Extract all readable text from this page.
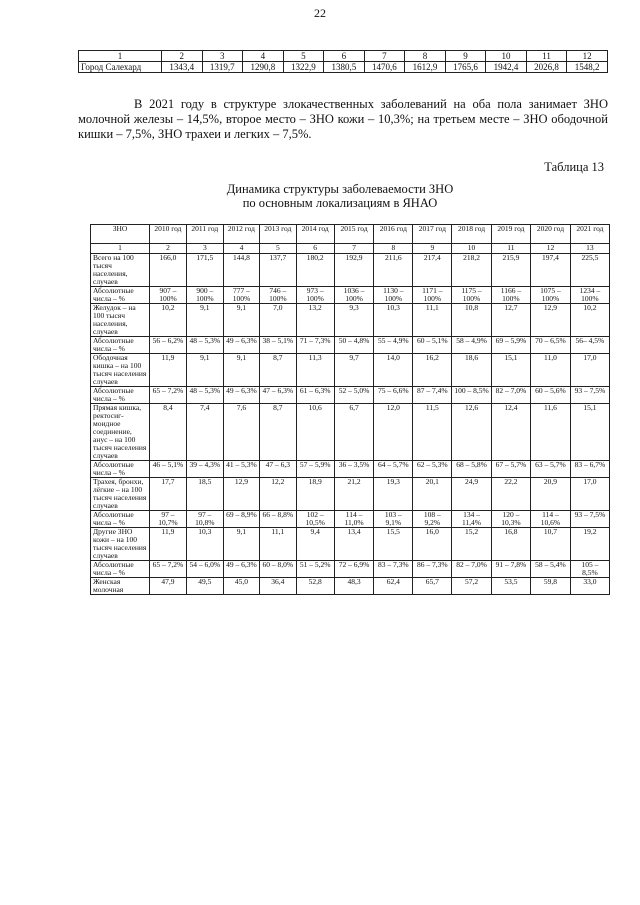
22
1	2	3	4	5	6	7	8	9	10	11	12
Город Салехард	1343,4	1319,7	1290,8	1322,9	1380,5	1470,6	1612,9	1765,6	1942,4	2026,8	1548,2
В 2021 году в структуре злокачественных заболеваний на оба пола занимает ЗНО молочной железы – 14,5%, второе место – ЗНО кожи – 10,3%; на третьем месте – ЗНО ободочной кишки – 7,5%, ЗНО трахеи и легких – 7,5%.
Таблица 13
Динамика структуры заболеваемости ЗНО
по основным локализациям в ЯНАО
ЗНО	2010 год	2011 год	2012 год	2013 год	2014 год	2015 год	2016 год	2017 год	2018 год	2019 год	2020 год	2021 год
1	2	3	4	5	6	7	8	9	10	11	12	13
Всего на 100 тысяч населения, случаев	166,0	171,5	144,8	137,7	180,2	192,9	211,6	217,4	218,2	215,9	197,4	225,5
Абсолютные числа – %	907 – 100%	900 – 100%	777 – 100%	746 – 100%	973 – 100%	1036 – 100%	1130 – 100%	1171 – 100%	1175 – 100%	1166 – 100%	1075 – 100%	1234 – 100%
Желудок – на 100 тысяч населения, случаев	10,2	9,1	9,1	7,0	13,2	9,3	10,3	11,1	10,8	12,7	12,9	10,2
Абсолютные числа – %	56 – 6,2%	48 – 5,3%	49 – 6,3%	38 – 5,1%	71 – 7,3%	50 – 4,8%	55 – 4,9%	60 – 5,1%	58 – 4,9%	69 – 5,9%	70 – 6,5%	56– 4,5%
Ободочная кишка – на 100 тысяч населения случаев	11,9	9,1	9,1	8,7	11,3	9,7	14,0	16,2	18,6	15,1	11,0	17,0
Абсолютные числа – %	65 – 7,2%	48 – 5,3%	49 – 6,3%	47 – 6,3%	61 – 6,3%	52 – 5,0%	75 – 6,6%	87 – 7,4%	100 – 8,5%	82 – 7,0%	60 – 5,6%	93 – 7,5%
Прямая кишка, ректосиг-моидное соединение, анус – на 100 тысяч населения случаев	8,4	7,4	7,6	8,7	10,6	6,7	12,0	11,5	12,6	12,4	11,6	15,1
Абсолютные числа – %	46 – 5,1%	39 – 4,3%	41 – 5,3%	47 – 6,3	57 – 5,9%	36 – 3,5%	64 – 5,7%	62 – 5,3%	68 – 5,8%	67 – 5,7%	63 – 5,7%	83 – 6,7%
Трахея, бронхи, лёгкие – на 100 тысяч населения случаев	17,7	18,5	12,9	12,2	18,9	21,2	19,3	20,1	24,9	22,2	20,9	17,0
Абсолютные числа – %	97 – 10,7%	97 – 10,8%	69 – 8,9%	66 – 8,8%	102 – 10,5%	114 – 11,0%	103 – 9,1%	108 – 9,2%	134 – 11,4%	120 – 10,3%	114 – 10,6%	93 – 7,5%
Другие ЗНО кожи – на 100 тысяч населения случаев	11,9	10,3	9,1	11,1	9,4	13,4	15,5	16,0	15,2	16,8	10,7	19,2
Абсолютные числа – %	65 – 7,2%	54 – 6,0%	49 – 6,3%	60 – 8,0%	51 – 5,2%	72 – 6,9%	83 – 7,3%	86 – 7,3%	82 – 7,0%	91 – 7,8%	58 – 5,4%	105 – 8,5%
Женская молочная	47,9	49,5	45,0	36,4	52,8	48,3	62,4	65,7	57,2	53,5	59,8	33,0
